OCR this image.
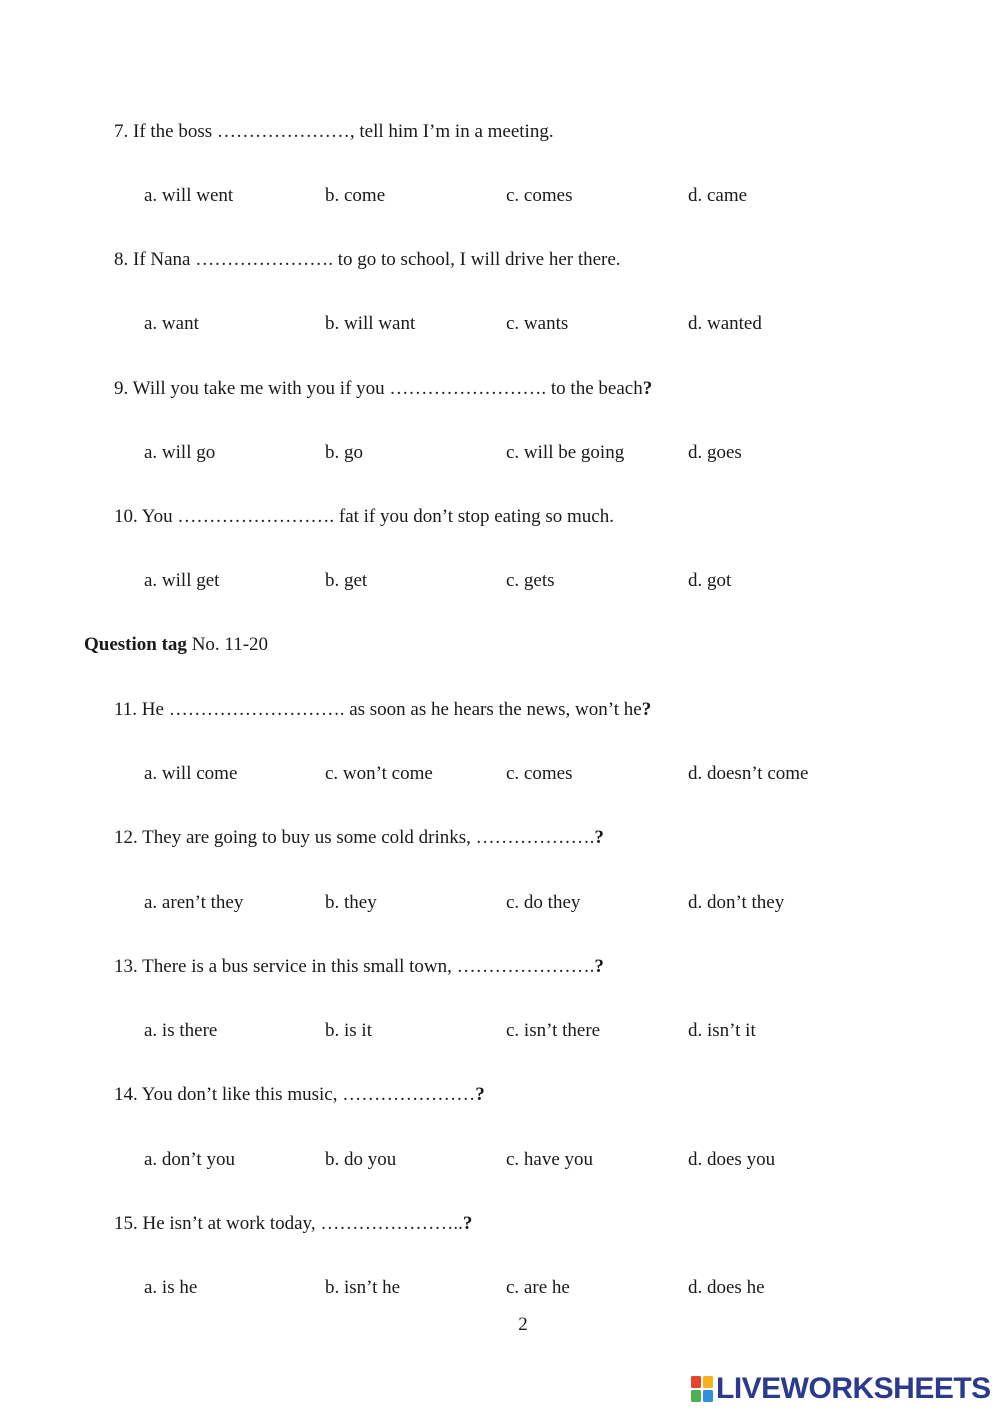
7. If the boss …………………, tell him I’m in a meeting.
a. will went	b. come	c. comes	d. came
8. If Nana …………………. to go to school, I will drive her there.
a. want	b. will want	c. wants	d. wanted
9. Will you take me with you if you ……………………. to the beach?
a. will go	b. go	c. will be going	d. goes
10. You ……………………. fat if you don’t stop eating so much.
a. will get	b. get	c. gets	d. got
Question tag No. 11-20
11. He ………………………. as soon as he hears the news, won’t he?
a. will come	c. won’t come	c. comes	d. doesn’t come
12. They are going to buy us some cold drinks, ……………….?
a. aren’t they	b. they	c. do they	d. don’t they
13. There is a bus service in this small town, ………………….?
a. is there	b. is it	c. isn’t there	d. isn’t it
14. You don’t like this music, …………………?
a. don’t you	b. do you	c. have you	d. does you
15. He isn’t at work today, …………………..?
a. is he	b. isn’t he	c. are he	d. does he
2
LIVEWORKSHEETS
